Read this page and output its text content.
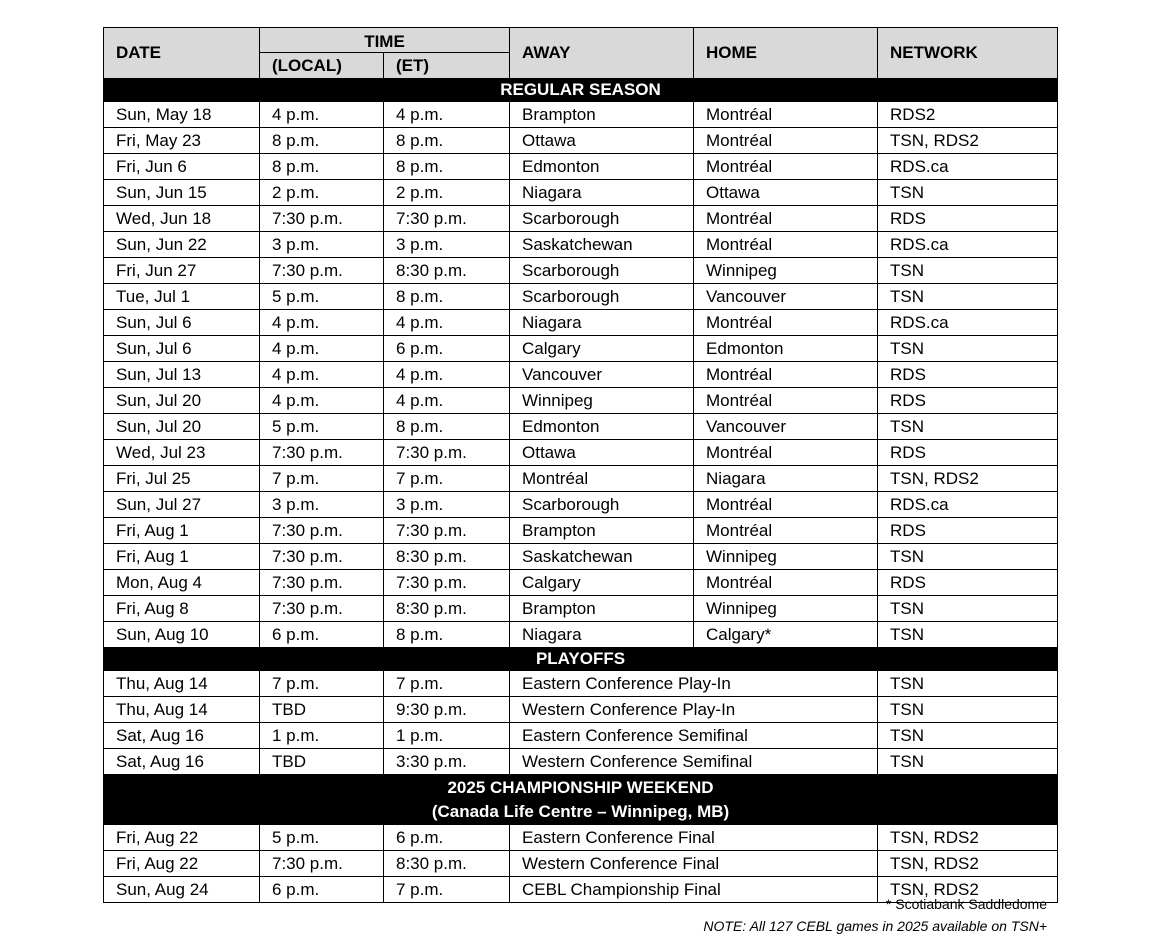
DATE	TIME		AWAY	HOME	NETWORK
	(LOCAL)	(ET)			
REGULAR SEASON					
Sun, May 18	4 p.m.	4 p.m.	Brampton	Montréal	RDS2
Fri, May 23	8 p.m.	8 p.m.	Ottawa	Montréal	TSN, RDS2
Fri, Jun 6	8 p.m.	8 p.m.	Edmonton	Montréal	RDS.ca
Sun, Jun 15	2 p.m.	2 p.m.	Niagara	Ottawa	TSN
Wed, Jun 18	7:30 p.m.	7:30 p.m.	Scarborough	Montréal	RDS
Sun, Jun 22	3 p.m.	3 p.m.	Saskatchewan	Montréal	RDS.ca
Fri, Jun 27	7:30 p.m.	8:30 p.m.	Scarborough	Winnipeg	TSN
Tue, Jul 1	5 p.m.	8 p.m.	Scarborough	Vancouver	TSN
Sun, Jul 6	4 p.m.	4 p.m.	Niagara	Montréal	RDS.ca
Sun, Jul 6	4 p.m.	6 p.m.	Calgary	Edmonton	TSN
Sun, Jul 13	4 p.m.	4 p.m.	Vancouver	Montréal	RDS
Sun, Jul 20	4 p.m.	4 p.m.	Winnipeg	Montréal	RDS
Sun, Jul 20	5 p.m.	8 p.m.	Edmonton	Vancouver	TSN
Wed, Jul 23	7:30 p.m.	7:30 p.m.	Ottawa	Montréal	RDS
Fri, Jul 25	7 p.m.	7 p.m.	Montréal	Niagara	TSN, RDS2
Sun, Jul 27	3 p.m.	3 p.m.	Scarborough	Montréal	RDS.ca
Fri, Aug 1	7:30 p.m.	7:30 p.m.	Brampton	Montréal	RDS
Fri, Aug 1	7:30 p.m.	8:30 p.m.	Saskatchewan	Winnipeg	TSN
Mon, Aug 4	7:30 p.m.	7:30 p.m.	Calgary	Montréal	RDS
Fri, Aug 8	7:30 p.m.	8:30 p.m.	Brampton	Winnipeg	TSN
Sun, Aug 10	6 p.m.	8 p.m.	Niagara	Calgary*	TSN
PLAYOFFS					
Thu, Aug 14	7 p.m.	7 p.m.	Eastern Conference Play-In		TSN
Thu, Aug 14	TBD	9:30 p.m.	Western Conference Play-In		TSN
Sat, Aug 16	1 p.m.	1 p.m.	Eastern Conference Semifinal		TSN
Sat, Aug 16	TBD	3:30 p.m.	Western Conference Semifinal		TSN

2025 CHAMPIONSHIP WEEKEND
(Canada Life Centre – Winnipeg, MB)					

Fri, Aug 22	5 p.m.	6 p.m.	Eastern Conference Final		TSN, RDS2
Fri, Aug 22	7:30 p.m.	8:30 p.m.	Western Conference Final		TSN, RDS2
Sun, Aug 24	6 p.m.	7 p.m.	CEBL Championship Final		TSN, RDS2
* Scotiabank Saddledome
NOTE: All 127 CEBL games in 2025 available on TSN+
